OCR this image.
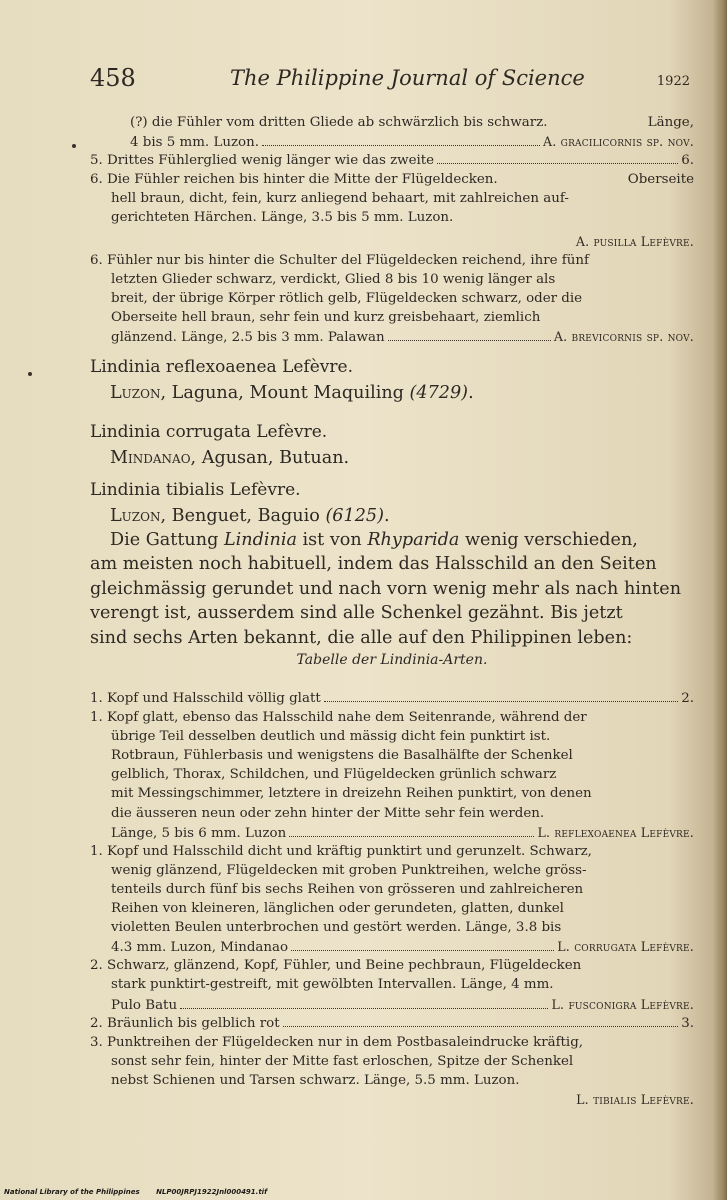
458	The Philippine Journal of Science	1922
(?) die Fühler vom dritten Gliede ab schwärzlich bis schwarz.	Länge,
4 bis 5 mm. Luzon.	A. gracilicornis sp. nov.
5. Drittes Fühlerglied wenig länger wie das zweite	6.
6. Die Fühler reichen bis hinter die Mitte der Flügeldecken.	Oberseite
hell braun, dicht, fein, kurz anliegend behaart, mit zahlreichen auf-
gerichteten Härchen. Länge, 3.5 bis 5 mm. Luzon.
A. pusilla Lefèvre.
6. Fühler nur bis hinter die Schulter del Flügeldecken reichend, ihre fünf
letzten Glieder schwarz, verdickt, Glied 8 bis 10 wenig länger als
breit, der übrige Körper rötlich gelb, Flügeldecken schwarz, oder die
Oberseite hell braun, sehr fein und kurz greisbehaart, ziemlich
glänzend. Länge, 2.5 bis 3 mm. Palawan	A. brevicornis sp. nov.
Lindinia reflexoaenea Lefèvre.
Luzon, Laguna, Mount Maquiling (4729).
Lindinia corrugata Lefèvre.
Mindanao, Agusan, Butuan.
Lindinia tibialis Lefèvre.
Luzon, Benguet, Baguio (6125).
Die Gattung Lindinia ist von Rhyparida wenig verschieden,
am meisten noch habituell, indem das Halsschild an den Seiten
gleichmässig gerundet und nach vorn wenig mehr als nach hinten
verengt ist, ausserdem sind alle Schenkel gezähnt. Bis jetzt
sind sechs Arten bekannt, die alle auf den Philippinen leben:
Tabelle der Lindinia-Arten.
1. Kopf und Halsschild völlig glatt	2.
1. Kopf glatt, ebenso das Halsschild nahe dem Seitenrande, während der
übrige Teil desselben deutlich und mässig dicht fein punktirt ist.
Rotbraun, Fühlerbasis und wenigstens die Basalhälfte der Schenkel
gelblich, Thorax, Schildchen, und Flügeldecken grünlich schwarz
mit Messingschimmer, letztere in dreizehn Reihen punktirt, von denen
die äusseren neun oder zehn hinter der Mitte sehr fein werden.
Länge, 5 bis 6 mm. Luzon	L. reflexoaenea Lefèvre.
1. Kopf und Halsschild dicht und kräftig punktirt und gerunzelt. Schwarz,
wenig glänzend, Flügeldecken mit groben Punktreihen, welche gröss-
tenteils durch fünf bis sechs Reihen von grösseren und zahlreicheren
Reihen von kleineren, länglichen oder gerundeten, glatten, dunkel
violetten Beulen unterbrochen und gestört werden. Länge, 3.8 bis
4.3 mm. Luzon, Mindanao	L. corrugata Lefèvre.
2. Schwarz, glänzend, Kopf, Fühler, und Beine pechbraun, Flügeldecken
stark punktirt-gestreift, mit gewölbten Intervallen. Länge, 4 mm.
Pulo Batu	L. fusconigra Lefèvre.
2. Bräunlich bis gelblich rot	3.
3. Punktreihen der Flügeldecken nur in dem Postbasaleindrucke kräftig,
sonst sehr fein, hinter der Mitte fast erloschen, Spitze der Schenkel
nebst Schienen und Tarsen schwarz. Länge, 5.5 mm. Luzon.
L. tibialis Lefèvre.
National Library of the Philippines NLP00JRPJ1922Jnl000491.tif
